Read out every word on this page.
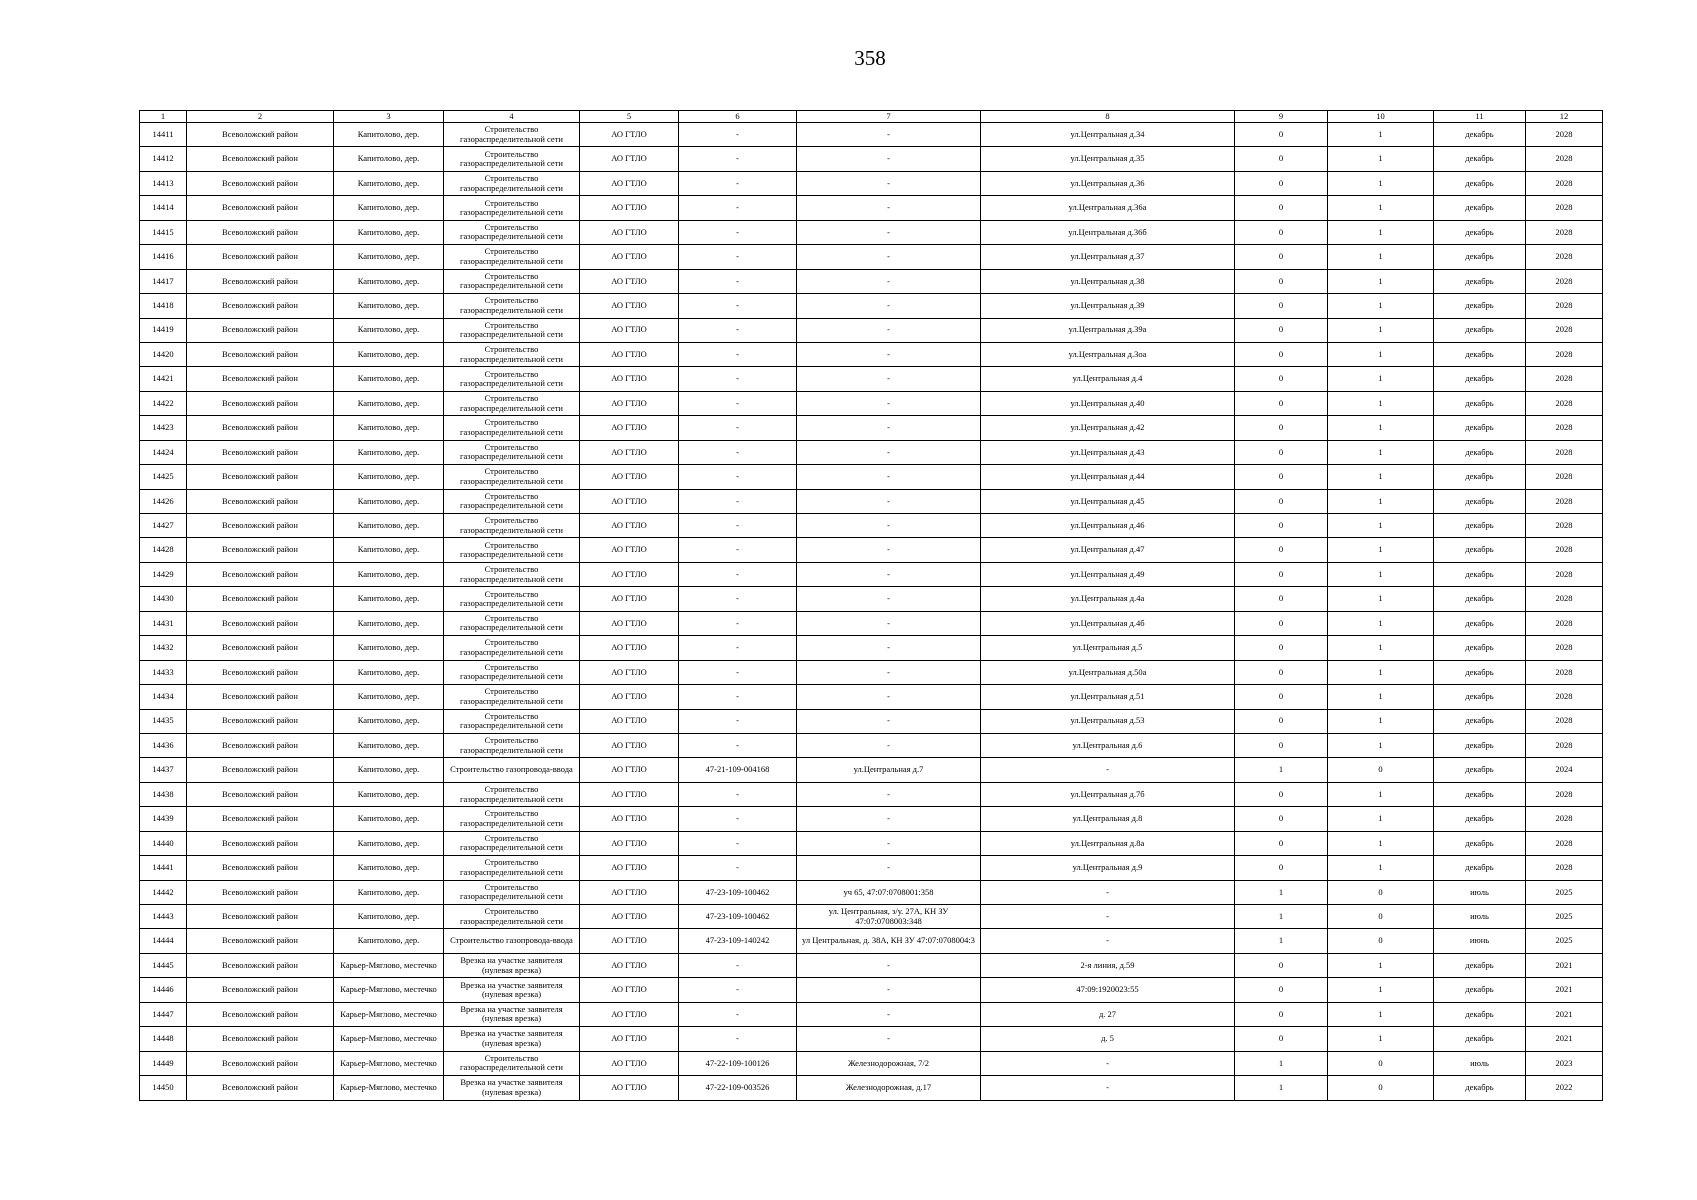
358
1	2	3	4	5	6	7	8	9	10	11	12
14411	Всеволожский район	Капитолово, дер.	Строительство газораспределительной сети	АО ГТЛО	-	-	ул.Центральная д.34	0	1	декабрь	2028
14412	Всеволожский район	Капитолово, дер.	Строительство газораспределительной сети	АО ГТЛО	-	-	ул.Центральная д.35	0	1	декабрь	2028
14413	Всеволожский район	Капитолово, дер.	Строительство газораспределительной сети	АО ГТЛО	-	-	ул.Центральная д.36	0	1	декабрь	2028
14414	Всеволожский район	Капитолово, дер.	Строительство газораспределительной сети	АО ГТЛО	-	-	ул.Центральная д.36а	0	1	декабрь	2028
14415	Всеволожский район	Капитолово, дер.	Строительство газораспределительной сети	АО ГТЛО	-	-	ул.Центральная д.36б	0	1	декабрь	2028
14416	Всеволожский район	Капитолово, дер.	Строительство газораспределительной сети	АО ГТЛО	-	-	ул.Центральная д.37	0	1	декабрь	2028
14417	Всеволожский район	Капитолово, дер.	Строительство газораспределительной сети	АО ГТЛО	-	-	ул.Центральная д.38	0	1	декабрь	2028
14418	Всеволожский район	Капитолово, дер.	Строительство газораспределительной сети	АО ГТЛО	-	-	ул.Центральная д.39	0	1	декабрь	2028
14419	Всеволожский район	Капитолово, дер.	Строительство газораспределительной сети	АО ГТЛО	-	-	ул.Центральная д.39а	0	1	декабрь	2028
14420	Всеволожский район	Капитолово, дер.	Строительство газораспределительной сети	АО ГТЛО	-	-	ул.Центральная д.3оа	0	1	декабрь	2028
14421	Всеволожский район	Капитолово, дер.	Строительство газораспределительной сети	АО ГТЛО	-	-	ул.Центральная д.4	0	1	декабрь	2028
14422	Всеволожский район	Капитолово, дер.	Строительство газораспределительной сети	АО ГТЛО	-	-	ул.Центральная д.40	0	1	декабрь	2028
14423	Всеволожский район	Капитолово, дер.	Строительство газораспределительной сети	АО ГТЛО	-	-	ул.Центральная д.42	0	1	декабрь	2028
14424	Всеволожский район	Капитолово, дер.	Строительство газораспределительной сети	АО ГТЛО	-	-	ул.Центральная д.43	0	1	декабрь	2028
14425	Всеволожский район	Капитолово, дер.	Строительство газораспределительной сети	АО ГТЛО	-	-	ул.Центральная д.44	0	1	декабрь	2028
14426	Всеволожский район	Капитолово, дер.	Строительство газораспределительной сети	АО ГТЛО	-	-	ул.Центральная д.45	0	1	декабрь	2028
14427	Всеволожский район	Капитолово, дер.	Строительство газораспределительной сети	АО ГТЛО	-	-	ул.Центральная д.46	0	1	декабрь	2028
14428	Всеволожский район	Капитолово, дер.	Строительство газораспределительной сети	АО ГТЛО	-	-	ул.Центральная д.47	0	1	декабрь	2028
14429	Всеволожский район	Капитолово, дер.	Строительство газораспределительной сети	АО ГТЛО	-	-	ул.Центральная д.49	0	1	декабрь	2028
14430	Всеволожский район	Капитолово, дер.	Строительство газораспределительной сети	АО ГТЛО	-	-	ул.Центральная д.4а	0	1	декабрь	2028
14431	Всеволожский район	Капитолово, дер.	Строительство газораспределительной сети	АО ГТЛО	-	-	ул.Центральная д.4б	0	1	декабрь	2028
14432	Всеволожский район	Капитолово, дер.	Строительство газораспределительной сети	АО ГТЛО	-	-	ул.Центральная д.5	0	1	декабрь	2028
14433	Всеволожский район	Капитолово, дер.	Строительство газораспределительной сети	АО ГТЛО	-	-	ул.Центральная д.50а	0	1	декабрь	2028
14434	Всеволожский район	Капитолово, дер.	Строительство газораспределительной сети	АО ГТЛО	-	-	ул.Центральная д.51	0	1	декабрь	2028
14435	Всеволожский район	Капитолово, дер.	Строительство газораспределительной сети	АО ГТЛО	-	-	ул.Центральная д.53	0	1	декабрь	2028
14436	Всеволожский район	Капитолово, дер.	Строительство газораспределительной сети	АО ГТЛО	-	-	ул.Центральная д.6	0	1	декабрь	2028
14437	Всеволожский район	Капитолово, дер.	Строительство газопровода-ввода	АО ГТЛО	47-21-109-004168	ул.Центральная д.7	-	1	0	декабрь	2024
14438	Всеволожский район	Капитолово, дер.	Строительство газораспределительной сети	АО ГТЛО	-	-	ул.Центральная д.7б	0	1	декабрь	2028
14439	Всеволожский район	Капитолово, дер.	Строительство газораспределительной сети	АО ГТЛО	-	-	ул.Центральная д.8	0	1	декабрь	2028
14440	Всеволожский район	Капитолово, дер.	Строительство газораспределительной сети	АО ГТЛО	-	-	ул.Центральная д.8а	0	1	декабрь	2028
14441	Всеволожский район	Капитолово, дер.	Строительство газораспределительной сети	АО ГТЛО	-	-	ул.Центральная д.9	0	1	декабрь	2028
14442	Всеволожский район	Капитолово, дер.	Строительство газораспределительной сети	АО ГТЛО	47-23-109-100462	уч 65, 47:07:0708001:358	-	1	0	июль	2025
14443	Всеволожский район	Капитолово, дер.	Строительство газораспределительной сети	АО ГТЛО	47-23-109-100462	ул. Центральная, з/у. 27А, КН ЗУ 47:07:0708003:348	-	1	0	июль	2025
14444	Всеволожский район	Капитолово, дер.	Строительство газопровода-ввода	АО ГТЛО	47-23-109-140242	ул Центральная, д. 38А, КН ЗУ 47:07:0708004:3	-	1	0	июнь	2025
14445	Всеволожский район	Карьер-Мяглово, местечко	Врезка на участке заявителя (нулевая врезка)	АО ГТЛО	-	-	2-я линия, д.59	0	1	декабрь	2021
14446	Всеволожский район	Карьер-Мяглово, местечко	Врезка на участке заявителя (нулевая врезка)	АО ГТЛО	-	-	47:09:1920023:55	0	1	декабрь	2021
14447	Всеволожский район	Карьер-Мяглово, местечко	Врезка на участке заявителя (нулевая врезка)	АО ГТЛО	-	-	д. 27	0	1	декабрь	2021
14448	Всеволожский район	Карьер-Мяглово, местечко	Врезка на участке заявителя (нулевая врезка)	АО ГТЛО	-	-	д. 5	0	1	декабрь	2021
14449	Всеволожский район	Карьер-Мяглово, местечко	Строительство газораспределительной сети	АО ГТЛО	47-22-109-100126	Железнодорожная, 7/2	-	1	0	июль	2023
14450	Всеволожский район	Карьер-Мяглово, местечко	Врезка на участке заявителя (нулевая врезка)	АО ГТЛО	47-22-109-003526	Железнодорожная, д.17	-	1	0	декабрь	2022
